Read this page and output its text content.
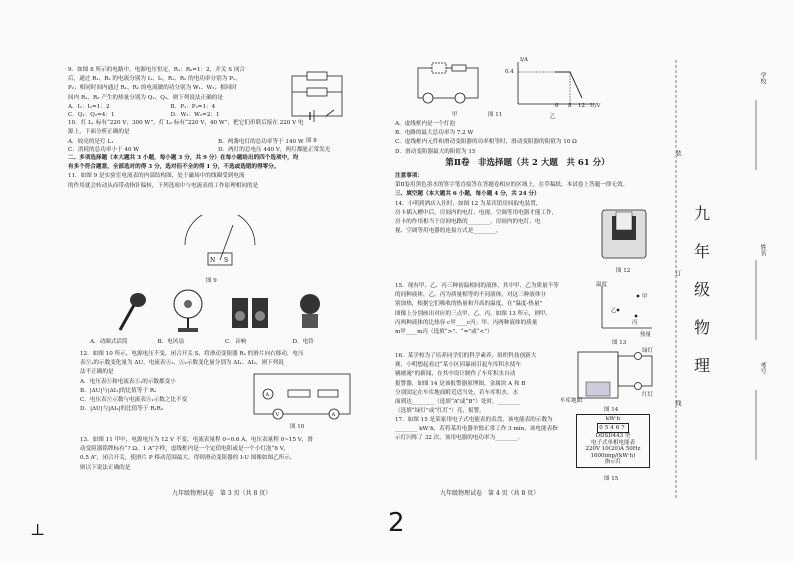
9．如图 8 所示的电路中，电源电压恒定，R₁：R₂=1：2，开关 S 闭合

后，通过 R₁、R₂ 的电流分别为 I₁、I₂，R₁、R₂ 的电功率分别为 P₁、

P₂；相同时间内通过 R₁、R₂ 的电流做的功分别为 W₁、W₂；相同时

间内 R₁、R₂ 产生的热量分别为 Q₁、Q₂，则下列说法正确的是

A．I₁：I₂=1：2	B．P₁：P₂=1：4
C．Q₁：Q₂=4：1	D．W₁：W₂=2：1

10．灯 L₁ 标有“220 V，300 W”，灯 L₂ 标有“220 V，40 W”，把它们串联后接在 220 V 电

源上，下面分析正确的是

A．较亮的是灯 L₁	B．两盏电灯的总功率等于 140 W
C．消耗的总功率小于 40 W	D．两灯的总电压 440 V，两灯都能正常发光

二、多项选择题（本大题共 3 小题，每小题 3 分，共 9 分）在每小题给出的四个选项中，均

有多个符合题意，全部选对的得 3 分，选对但不全的得 1 分，不选或选错的得零分。

11．如图 9 是实验室电流表的内部结构图，处于磁场中的线圈受到电流

的作用就会转动从而带动指针偏转，下列选项中与电流表的工作原理相同的是

图 8
N S
图 9
A．动圈式话筒	B．电风扇	C．音响	D．电铃

12．如图 10 所示，电源电压不变，闭合开关 S，将滑动变阻器 R₂ 的滑片向右移动，电压

表Ⓥ₁的示数变化量为 ΔU，电流表Ⓐ₁、Ⓐ₂示数变化量分别为 ΔI₁、ΔI₂，则下列说

法不正确的是

A．电压表Ⓥ和电流表Ⓐ₁的示数都变小

B．|ΔU|与|ΔI₁|的比值等于 R₁

C．电压表Ⓥ示数与电流表Ⓐ₁示数之比不变

D．|ΔU|与|ΔI₂|的比值等于 R₁R₂

A
V	A
图 10

13．如图 11 甲中，电源电压为 12 V 不变，电流表量程 0~0.6 A，电压表量程 0~15 V，滑

动变阻器铭牌标有“? Ω，1 A”字样，虚线框内是一个定值电阻或是一个小灯泡“6 V，

0.5 A”，闭合开关，使滑片 P 移动范围最大，得到滑动变阻器的 I-U 图像如图乙所示，

则以下说法正确的是

九年级物理试卷　第 3 页（共 8 页）
甲
I/A
0.4
6 8 12 U/V
乙
图 11

A．虚线框内是一个灯泡

B．电路的最大总功率为 7.2 W

C．虚线框内元件和滑动变阻器的功率相等时，滑动变阻器的阻值为 10 Ω

D．滑动变阻器最大的阻值为 15

第Ⅱ卷　非选择题（共 2 大题　共 61 分）

注意事项：

第Ⅱ卷用黑色墨水的签字笔直接答在答题卷相应的区域上，在草稿纸、本试卷上答题一律无效。

三、填空题（本大题共 6 小题，每小题 4 分，共 24 分）

14．小明到酒店入住时，如图 12 为某宾馆房间取电装置，

房卡插入槽中后，房间内的电灯、电视、空调等用电器才能工作，

房卡的作用相当于房间电路的________，房间内的电灯、电

视、空调等用电器的连接方式是________。

图 12

15．现有甲、乙、丙三种初温相同的液体，其中甲、乙为质量不等

的同种液体，乙、丙为质量相等的不同液体，对这三种液体分

别加热，根据它们吸收的热量和升高的温度，在“温度-热量”

图像上分别画出对应的三点甲、乙、丙，如图 13 所示，则甲、

丙两种液体的比热容 c甲____c丙；甲、丙两种液体的质量

m甲____m丙（选填“>”、“=”或“<”）

温度
甲
乙
丙
热量
图 13

16．某学校为了培养同学们的科学素养，组织科技创新大

赛，小明想起看过“某小区因暴雨引起车库积水使车

辆被淹”的新闻，在其中设计制作了车库积水自动

报警器，如图 14 是该报警器原理图，金属块 A 和 B

分别固定在车库地面附近适当处，若车库积水，水

面到达________（选填“A”或“B”）处时，________

（选填“绿灯”或“红灯”）亮，报警。

绿灯
红灯
车库地面
图 14

17．如图 15 是某家用电子式电能表的表盘，该电能表的示数为

________ kW·h，若将某用电器单独正常工作 3 min，该电能表指

示灯闪烁了 32 次，该用电器的电功率为________。

kW·h
05467
DDSD443 型
电子式单相电能表
220V 10(20)A 50Hz
1600imp/(kW·h)
指示灯
图 15
九年级物理试卷　第 4 页（共 8 页）
学校
姓名
考号
装
订
线
九　年　级　物　理
2
⊥
